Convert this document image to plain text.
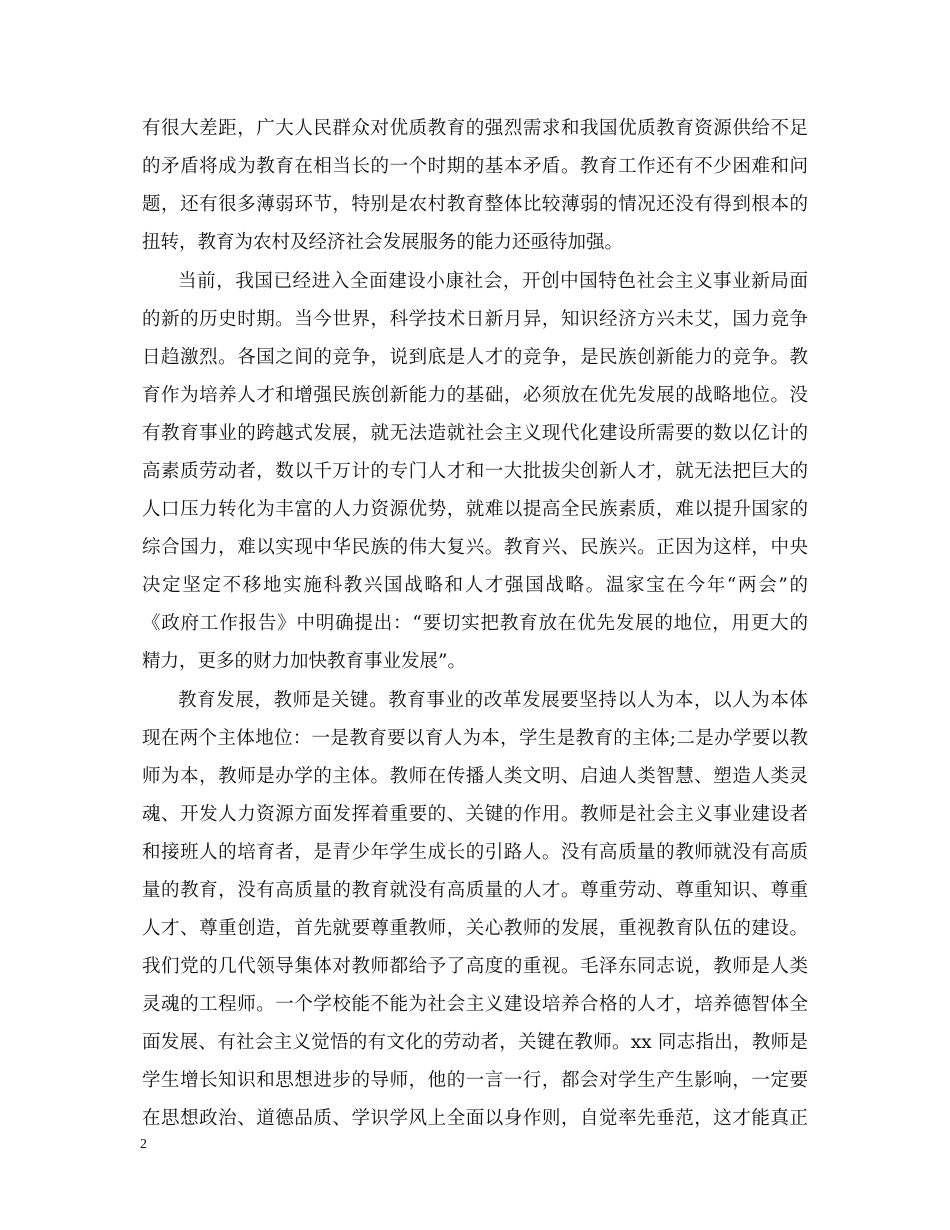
有很大差距，广大人民群众对优质教育的强烈需求和我国优质教育资源供给不足
的矛盾将成为教育在相当长的一个时期的基本矛盾。教育工作还有不少困难和问
题，还有很多薄弱环节，特别是农村教育整体比较薄弱的情况还没有得到根本的
扭转，教育为农村及经济社会发展服务的能力还亟待加强。
当前，我国已经进入全面建设小康社会，开创中国特色社会主义事业新局面
的新的历史时期。当今世界，科学技术日新月异，知识经济方兴未艾，国力竞争
日趋激烈。各国之间的竞争，说到底是人才的竞争，是民族创新能力的竞争。教
育作为培养人才和增强民族创新能力的基础，必须放在优先发展的战略地位。没
有教育事业的跨越式发展，就无法造就社会主义现代化建设所需要的数以亿计的
高素质劳动者，数以千万计的专门人才和一大批拔尖创新人才，就无法把巨大的
人口压力转化为丰富的人力资源优势，就难以提高全民族素质，难以提升国家的
综合国力，难以实现中华民族的伟大复兴。教育兴、民族兴。正因为这样，中央
决定坚定不移地实施科教兴国战略和人才强国战略。温家宝在今年“两会”的
《政府工作报告》中明确提出：“要切实把教育放在优先发展的地位，用更大的
精力，更多的财力加快教育事业发展”。
教育发展，教师是关键。教育事业的改革发展要坚持以人为本，以人为本体
现在两个主体地位：一是教育要以育人为本，学生是教育的主体;二是办学要以教
师为本，教师是办学的主体。教师在传播人类文明、启迪人类智慧、塑造人类灵
魂、开发人力资源方面发挥着重要的、关键的作用。教师是社会主义事业建设者
和接班人的培育者，是青少年学生成长的引路人。没有高质量的教师就没有高质
量的教育，没有高质量的教育就没有高质量的人才。尊重劳动、尊重知识、尊重
人才、尊重创造，首先就要尊重教师，关心教师的发展，重视教育队伍的建设。
我们党的几代领导集体对教师都给予了高度的重视。毛泽东同志说，教师是人类
灵魂的工程师。一个学校能不能为社会主义建设培养合格的人才，培养德智体全
面发展、有社会主义觉悟的有文化的劳动者，关键在教师。xx 同志指出，教师是
学生增长知识和思想进步的导师，他的一言一行，都会对学生产生影响，一定要
在思想政治、道德品质、学识学风上全面以身作则，自觉率先垂范，这才能真正
2
